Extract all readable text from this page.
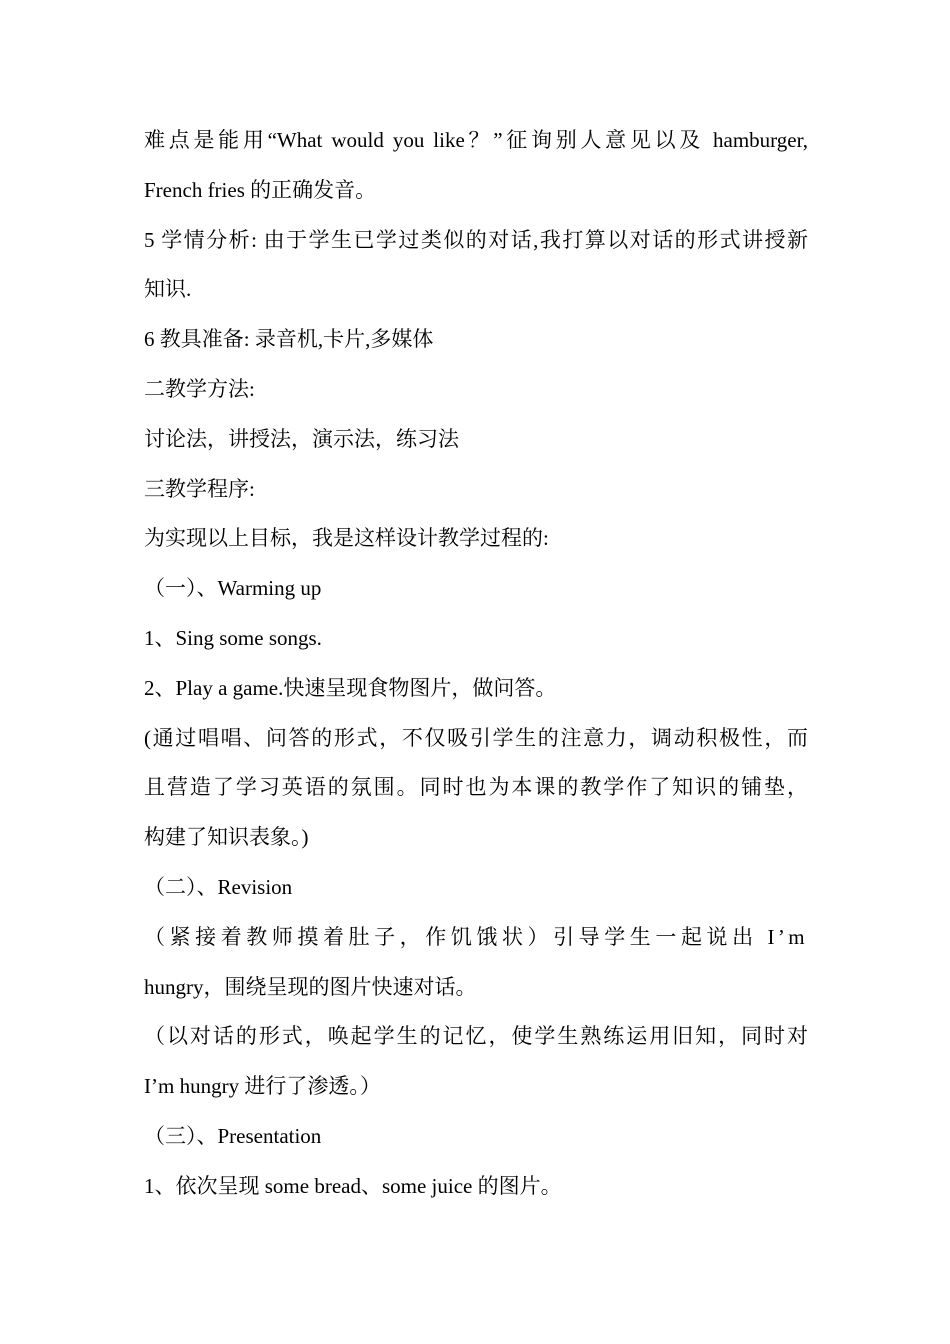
难点是能用“What would you like？”征询别人意见以及 hamburger,
French fries 的正确发音。
5 学情分析: 由于学生已学过类似的对话,我打算以对话的形式讲授新
知识.
6 教具准备: 录音机,卡片,多媒体
二教学方法:
讨论法，讲授法，演示法，练习法
三教学程序:
为实现以上目标，我是这样设计教学过程的:
（一）、Warming up
1、Sing some songs.
2、Play a game.快速呈现食物图片，做问答。
(通过唱唱、问答的形式，不仅吸引学生的注意力，调动积极性，而
且营造了学习英语的氛围。同时也为本课的教学作了知识的铺垫，
构建了知识表象。)
（二）、Revision
（紧接着教师摸着肚子，作饥饿状）引导学生一起说出 I’m
hungry，围绕呈现的图片快速对话。
（以对话的形式，唤起学生的记忆，使学生熟练运用旧知，同时对
I’m hungry 进行了渗透。）
（三）、Presentation
1、依次呈现 some bread、some juice 的图片。
